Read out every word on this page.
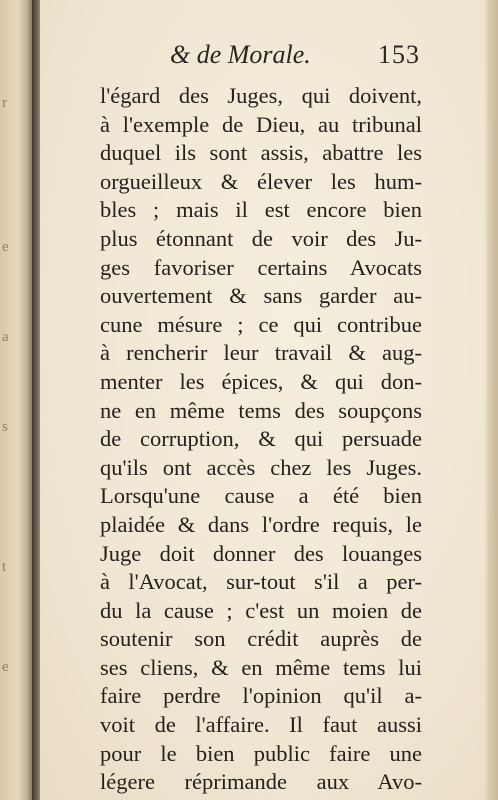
r
e
a
s
t
e
& de Morale.	153
l'égard des Juges, qui doivent,
à l'exemple de Dieu, au tribunal
duquel ils sont assis, abattre les
orgueilleux & élever les hum-
bles ; mais il est encore bien
plus étonnant de voir des Ju-
ges favoriser certains Avocats
ouvertement & sans garder au-
cune mésure ; ce qui contribue
à rencherir leur travail & aug-
menter les épices, & qui don-
ne en même tems des soupçons
de corruption, & qui persuade
qu'ils ont accès chez les Juges.
Lorsqu'une cause a été bien
plaidée & dans l'ordre requis, le
Juge doit donner des louanges
à l'Avocat, sur-tout s'il a per-
du la cause ; c'est un moien de
soutenir son crédit auprès de
ses cliens, & en même tems lui
faire perdre l'opinion qu'il a-
voit de l'affaire. Il faut aussi
pour le bien public faire une
légere réprimande aux Avo-
